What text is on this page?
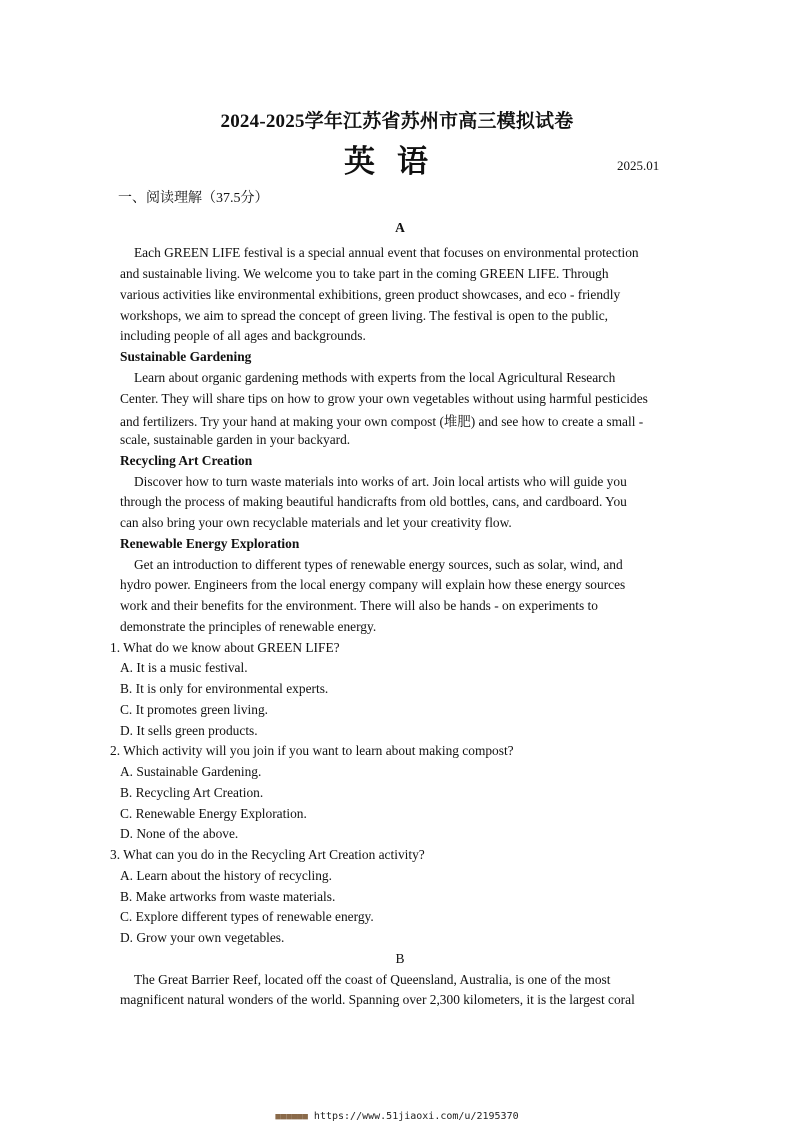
2024-2025学年江苏省苏州市高三模拟试卷
英语	2025.01
一、阅读理解（37.5分）
A
Each GREEN LIFE festival is a special annual event that focuses on environmental protection
and sustainable living. We welcome you to take part in the coming GREEN LIFE. Through
various activities like environmental exhibitions, green product showcases, and eco - friendly
workshops, we aim to spread the concept of green living. The festival is open to the public,
including people of all ages and backgrounds.
Sustainable Gardening
Learn about organic gardening methods with experts from the local Agricultural Research
Center. They will share tips on how to grow your own vegetables without using harmful pesticides
and fertilizers. Try your hand at making your own compost (堆肥) and see how to create a small -
scale, sustainable garden in your backyard.
Recycling Art Creation
Discover how to turn waste materials into works of art. Join local artists who will guide you
through the process of making beautiful handicrafts from old bottles, cans, and cardboard. You
can also bring your own recyclable materials and let your creativity flow.
Renewable Energy Exploration
Get an introduction to different types of renewable energy sources, such as solar, wind, and
hydro power. Engineers from the local energy company will explain how these energy sources
work and their benefits for the environment. There will also be hands - on experiments to
demonstrate the principles of renewable energy.
1. What do we know about GREEN LIFE?
A. It is a music festival.
B. It is only for environmental experts.
C. It promotes green living.
D. It sells green products.
2. Which activity will you join if you want to learn about making compost?
A. Sustainable Gardening.
B. Recycling Art Creation.
C. Renewable Energy Exploration.
D. None of the above.
3. What can you do in the Recycling Art Creation activity?
A. Learn about the history of recycling.
B. Make artworks from waste materials.
C. Explore different types of renewable energy.
D. Grow your own vegetables.
B
The Great Barrier Reef, located off the coast of Queensland, Australia, is one of the most
magnificent natural wonders of the world. Spanning over 2,300 kilometers, it is the largest coral
■■■■■■ https://www.51jiaoxi.com/u/2195370
